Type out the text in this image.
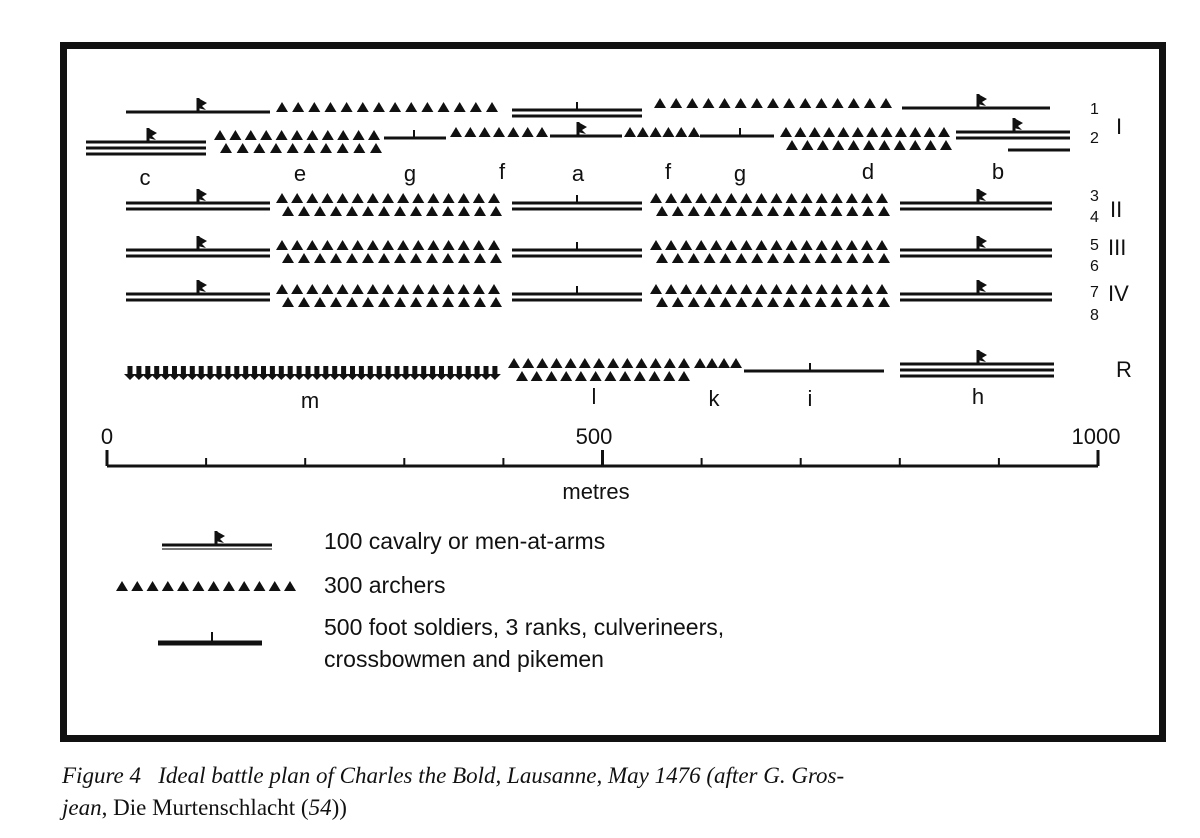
c	e	g	f	a	f	g	d	b
m	l	k	i	h
1
2
3
4
5
6
7
8
I
II
III
IV
R
0	500	1000
metres
100 cavalry or men-at-arms
300 archers
500 foot soldiers, 3 ranks, culverineers,
crossbowmen and pikemen
Figure 4 Ideal battle plan of Charles the Bold, Lausanne, May 1476 (after G. Gros-
jean, Die Murtenschlacht (54))
